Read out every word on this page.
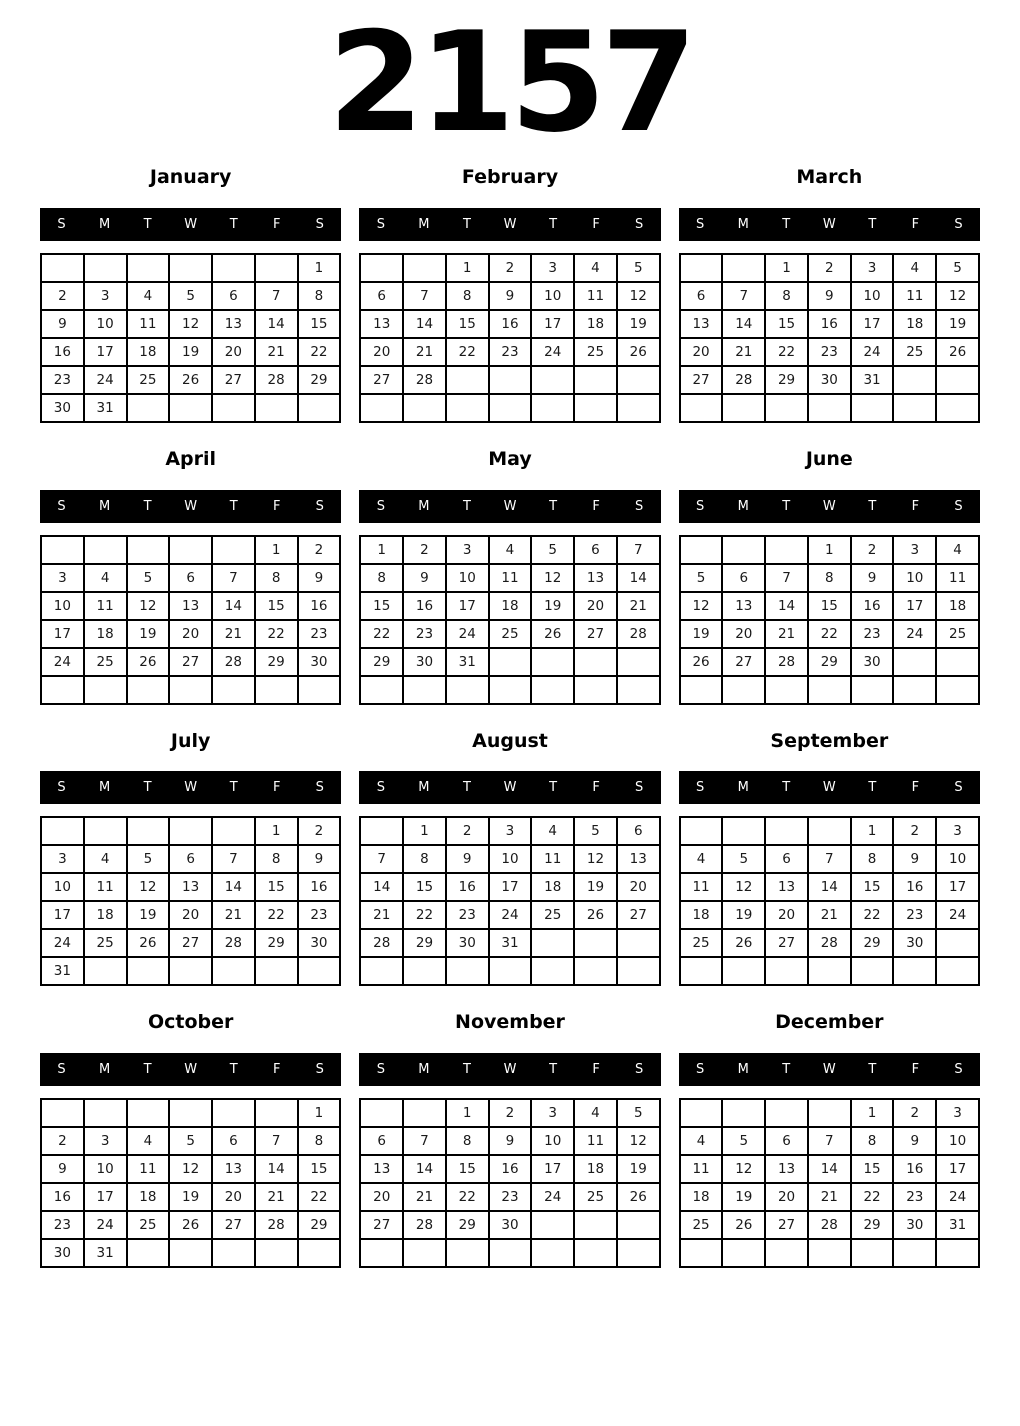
2157
January
S	M	T	W	T	F	S
						1
2	3	4	5	6	7	8
9	10	11	12	13	14	15
16	17	18	19	20	21	22
23	24	25	26	27	28	29
30	31					
February
S	M	T	W	T	F	S
		1	2	3	4	5
6	7	8	9	10	11	12
13	14	15	16	17	18	19
20	21	22	23	24	25	26
27	28					

March
S	M	T	W	T	F	S
		1	2	3	4	5
6	7	8	9	10	11	12
13	14	15	16	17	18	19
20	21	22	23	24	25	26
27	28	29	30	31		

April
S	M	T	W	T	F	S
					1	2
3	4	5	6	7	8	9
10	11	12	13	14	15	16
17	18	19	20	21	22	23
24	25	26	27	28	29	30

May
S	M	T	W	T	F	S
1	2	3	4	5	6	7
8	9	10	11	12	13	14
15	16	17	18	19	20	21
22	23	24	25	26	27	28
29	30	31				

June
S	M	T	W	T	F	S
			1	2	3	4
5	6	7	8	9	10	11
12	13	14	15	16	17	18
19	20	21	22	23	24	25
26	27	28	29	30		

July
S	M	T	W	T	F	S
					1	2
3	4	5	6	7	8	9
10	11	12	13	14	15	16
17	18	19	20	21	22	23
24	25	26	27	28	29	30
31						
August
S	M	T	W	T	F	S
	1	2	3	4	5	6
7	8	9	10	11	12	13
14	15	16	17	18	19	20
21	22	23	24	25	26	27
28	29	30	31			

September
S	M	T	W	T	F	S
				1	2	3
4	5	6	7	8	9	10
11	12	13	14	15	16	17
18	19	20	21	22	23	24
25	26	27	28	29	30	

October
S	M	T	W	T	F	S
						1
2	3	4	5	6	7	8
9	10	11	12	13	14	15
16	17	18	19	20	21	22
23	24	25	26	27	28	29
30	31					
November
S	M	T	W	T	F	S
		1	2	3	4	5
6	7	8	9	10	11	12
13	14	15	16	17	18	19
20	21	22	23	24	25	26
27	28	29	30			

December
S	M	T	W	T	F	S
				1	2	3
4	5	6	7	8	9	10
11	12	13	14	15	16	17
18	19	20	21	22	23	24
25	26	27	28	29	30	31
